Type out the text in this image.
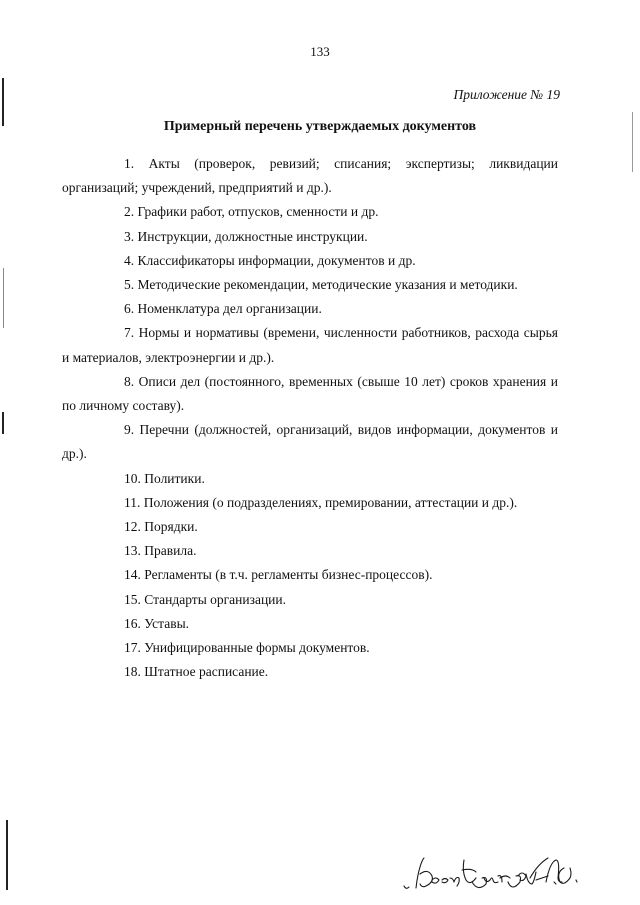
133
Приложение № 19
Примерный перечень утверждаемых документов

1. Акты (проверок, ревизий; списания; экспертизы; ликвидации организаций; учреждений, предприятий и др.).

2. Графики работ, отпусков, сменности и др.

3. Инструкции, должностные инструкции.

4. Классификаторы информации, документов и др.

5. Методические рекомендации, методические указания и методики.

6. Номенклатура дел организации.

7. Нормы и нормативы (времени, численности работников, расхода сырья и материалов, электроэнергии и др.).

8. Описи дел (постоянного, временных (свыше 10 лет) сроков хранения и по личному составу).

9. Перечни (должностей, организаций, видов информации, документов и др.).

10. Политики.

11. Положения (о подразделениях, премировании, аттестации и др.).

12. Порядки.

13. Правила.

14. Регламенты (в т.ч. регламенты бизнес-процессов).

15. Стандарты организации.

16. Уставы.

17. Унифицированные формы документов.

18. Штатное расписание.
